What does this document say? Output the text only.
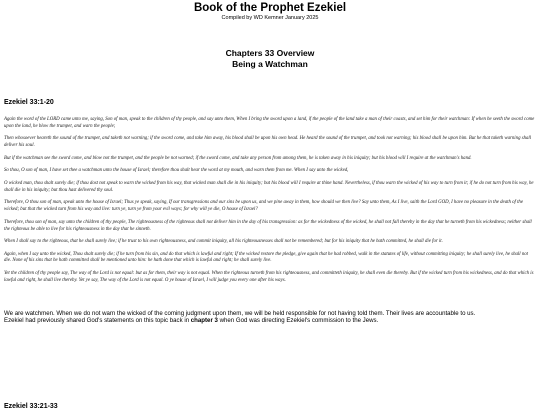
Book of the Prophet Ezekiel
Compiled by WD Kemner January 2025
Chapters 33 Overview
Being a Watchman
Ezekiel 33:1-20

Again the word of the LORD came unto me, saying, Son of man, speak to the children of thy people, and say unto them, When I bring the sword upon a land, if the people of the land take a man of their coasts, and set him for their watchman: If when he seeth the sword come upon the land, he blow the trumpet, and warn the people;

Then whosoever heareth the sound of the trumpet, and taketh not warning; if the sword come, and take him away, his blood shall be upon his own head. He heard the sound of the trumpet, and took not warning; his blood shall be upon him. But he that taketh warning shall deliver his soul.

But if the watchman see the sword come, and blow not the trumpet, and the people be not warned; if the sword come, and take any person from among them, he is taken away in his iniquity; but his blood will I require at the watchman's hand.

So thou, O son of man, I have set thee a watchman unto the house of Israel; therefore thou shalt hear the word at my mouth, and warn them from me. When I say unto the wicked,

O wicked man, thou shalt surely die; if thou dost not speak to warn the wicked from his way, that wicked man shall die in his iniquity; but his blood will I require at thine hand. Nevertheless, if thou warn the wicked of his way to turn from it; if he do not turn from his way, he shall die in his iniquity; but thou hast delivered thy soul.

Therefore, O thou son of man, speak unto the house of Israel; Thus ye speak, saying, If our transgressions and our sins be upon us, and we pine away in them, how should we then live? Say unto them, As I live, saith the Lord GOD, I have no pleasure in the death of the wicked; but that the wicked turn from his way and live: turn ye, turn ye from your evil ways; for why will ye die, O house of Israel?

Therefore, thou son of man, say unto the children of thy people, The righteousness of the righteous shall not deliver him in the day of his transgression: as for the wickedness of the wicked, he shall not fall thereby in the day that he turneth from his wickedness; neither shall the righteous be able to live for his righteousness in the day that he sinneth.

When I shall say to the righteous, that he shall surely live; if he trust to his own righteousness, and commit iniquity, all his righteousnesses shall not be remembered; but for his iniquity that he hath committed, he shall die for it.

Again, when I say unto the wicked, Thou shalt surely die; if he turn from his sin, and do that which is lawful and right; If the wicked restore the pledge, give again that he had robbed, walk in the statutes of life, without committing iniquity; he shall surely live, he shall not die. None of his sins that he hath committed shall be mentioned unto him: he hath done that which is lawful and right; he shall surely live.

Yet the children of thy people say, The way of the Lord is not equal: but as for them, their way is not equal. When the righteous turneth from his righteousness, and committeth iniquity, he shall even die thereby. But if the wicked turn from his wickedness, and do that which is lawful and right, he shall live thereby. Yet ye say, The way of the Lord is not equal. O ye house of Israel, I will judge you every one after his ways.

We are watchmen. When we do not warn the wicked of the coming judgment upon them, we will be held responsible for not having told them. Their lives are accountable to us.
Ezekiel had previously shared God's statements on this topic back in chapter 3 when God was directing Ezekiel's commission to the Jews.
Ezekiel 33:21-33
